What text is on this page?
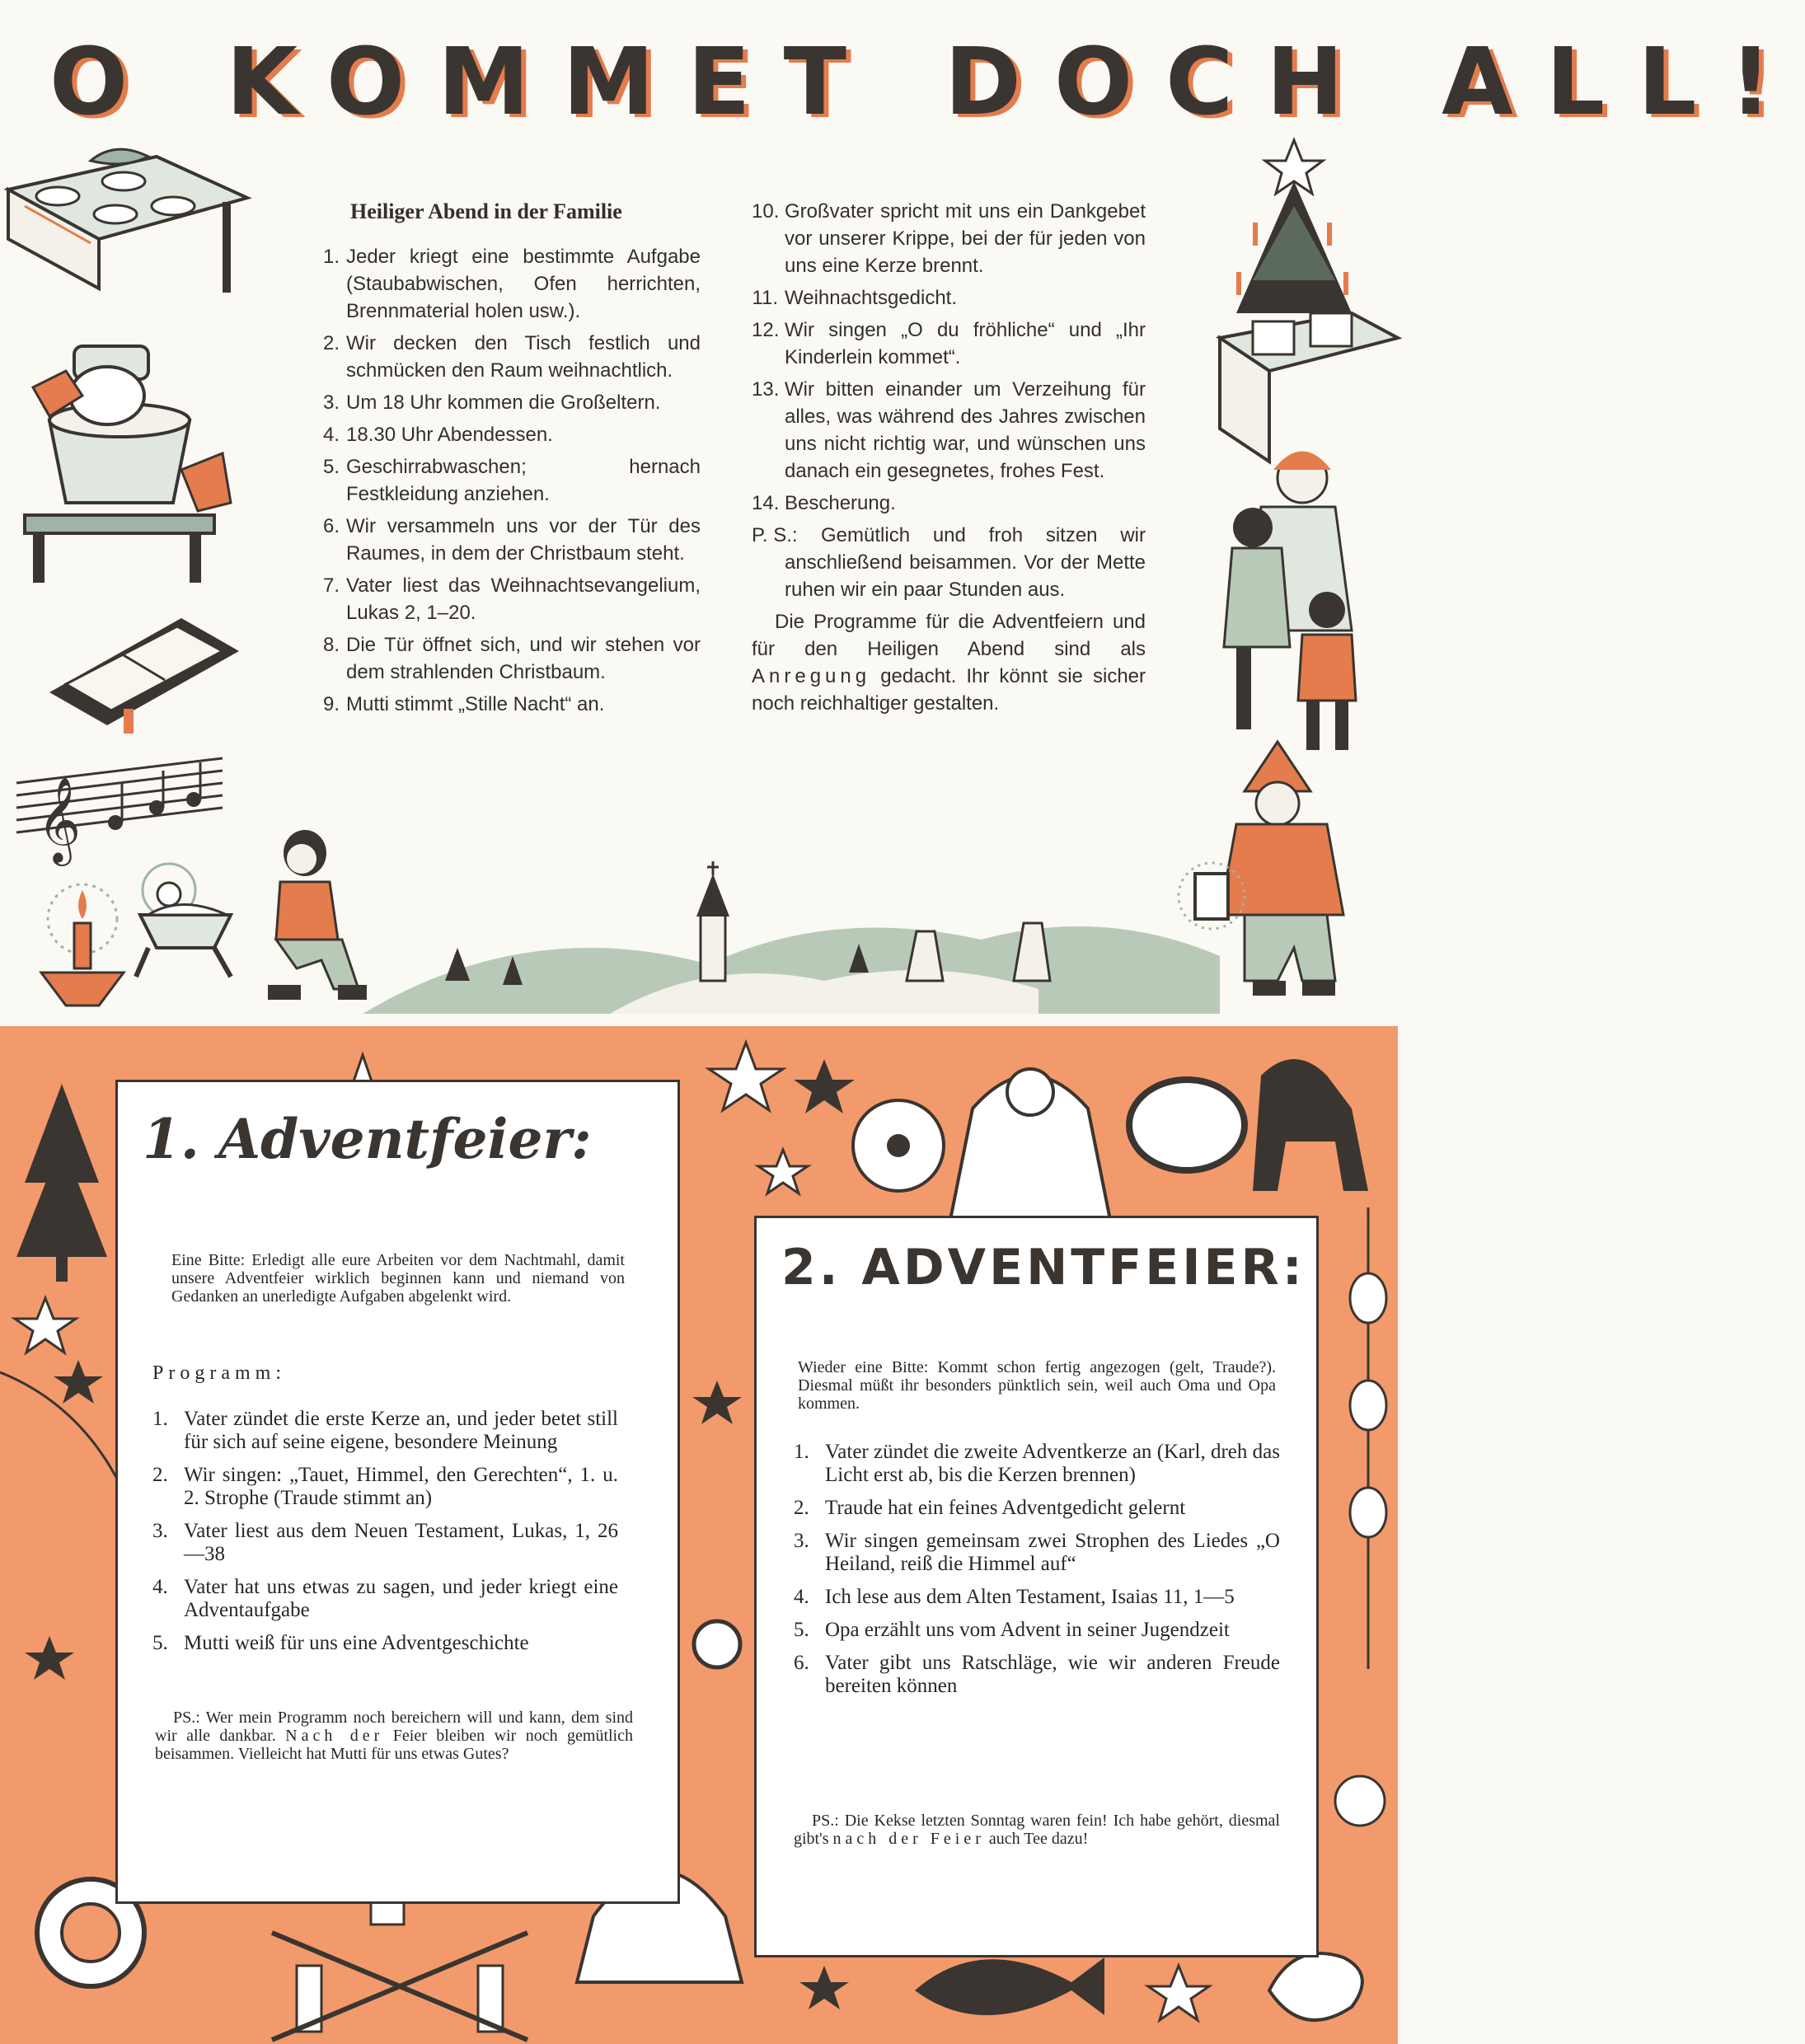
O KOMMET DOCH ALL!
𝄞
Heiliger Abend in der Familie
1. Jeder kriegt eine bestimmte Aufgabe (Staubabwischen, Ofen herrichten, Brennmaterial holen usw.).
2. Wir decken den Tisch festlich und schmücken den Raum weihnachtlich.
3. Um 18 Uhr kommen die Großeltern.
4. 18.30 Uhr Abendessen.
5. Geschirrabwaschen; hernach Festkleidung anziehen.
6. Wir versammeln uns vor der Tür des Raumes, in dem der Christbaum steht.
7. Vater liest das Weihnachtsevangelium, Lukas 2, 1–20.
8. Die Tür öffnet sich, und wir stehen vor dem strahlenden Christbaum.
9. Mutti stimmt „Stille Nacht“ an.
10. Großvater spricht mit uns ein Dankgebet vor unserer Krippe, bei der für jeden von uns eine Kerze brennt.
11. Weihnachtsgedicht.
12. Wir singen „O du fröhliche“ und „Ihr Kinderlein kommet“.
13. Wir bitten einander um Verzeihung für alles, was während des Jahres zwischen uns nicht richtig war, und wünschen uns danach ein gesegnetes, frohes Fest.
14. Bescherung.
P. S.: Gemütlich und froh sitzen wir anschließend beisammen. Vor der Mette ruhen wir ein paar Stunden aus.

Die Programme für die Adventfeiern und für den Heiligen Abend sind als Anregung gedacht. Ihr könnt sie sicher noch reichhaltiger gestalten.

1. Adventfeier:
Eine Bitte: Erledigt alle eure Arbeiten vor dem Nachtmahl, damit unsere Adventfeier wirklich beginnen kann und niemand von Gedanken an unerledigte Aufgaben abgelenkt wird.
Programm:
1. Vater zündet die erste Kerze an, und jeder betet still für sich auf seine eigene, besondere Meinung
2. Wir singen: „Tauet, Himmel, den Gerechten“, 1. u. 2. Strophe (Traude stimmt an)
3. Vater liest aus dem Neuen Testament, Lukas, 1, 26—38
4. Vater hat uns etwas zu sagen, und jeder kriegt eine Adventaufgabe
5. Mutti weiß für uns eine Adventgeschichte
PS.: Wer mein Programm noch bereichern will und kann, dem sind wir alle dankbar. Nach der Feier bleiben wir noch gemütlich beisammen. Vielleicht hat Mutti für uns etwas Gutes?
2. ADVENTFEIER:
Wieder eine Bitte: Kommt schon fertig angezogen (gelt, Traude?). Diesmal müßt ihr besonders pünktlich sein, weil auch Oma und Opa kommen.
1. Vater zündet die zweite Adventkerze an (Karl, dreh das Licht erst ab, bis die Kerzen brennen)
2. Traude hat ein feines Adventgedicht gelernt
3. Wir singen gemeinsam zwei Strophen des Liedes „O Heiland, reiß die Himmel auf“
4. Ich lese aus dem Alten Testament, Isaias 11, 1—5
5. Opa erzählt uns vom Advent in seiner Jugendzeit
6. Vater gibt uns Ratschläge, wie wir anderen Freude bereiten können
PS.: Die Kekse letzten Sonntag waren fein! Ich habe gehört, diesmal gibt's nach der Feier auch Tee dazu!
